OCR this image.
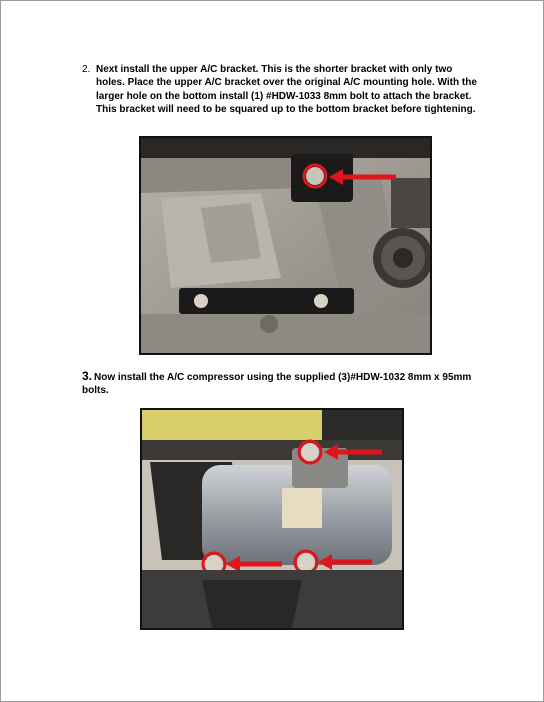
2. Next install the upper A/C bracket. This is the shorter bracket with only two holes. Place the upper A/C bracket over the original A/C mounting hole. With the larger hole on the bottom install (1) #HDW-1033 8mm bolt to attach the bracket. This bracket will need to be squared up to the bottom bracket before tightening.
3. Now install the A/C compressor using the supplied (3)#HDW-1032 8mm x 95mm bolts.
